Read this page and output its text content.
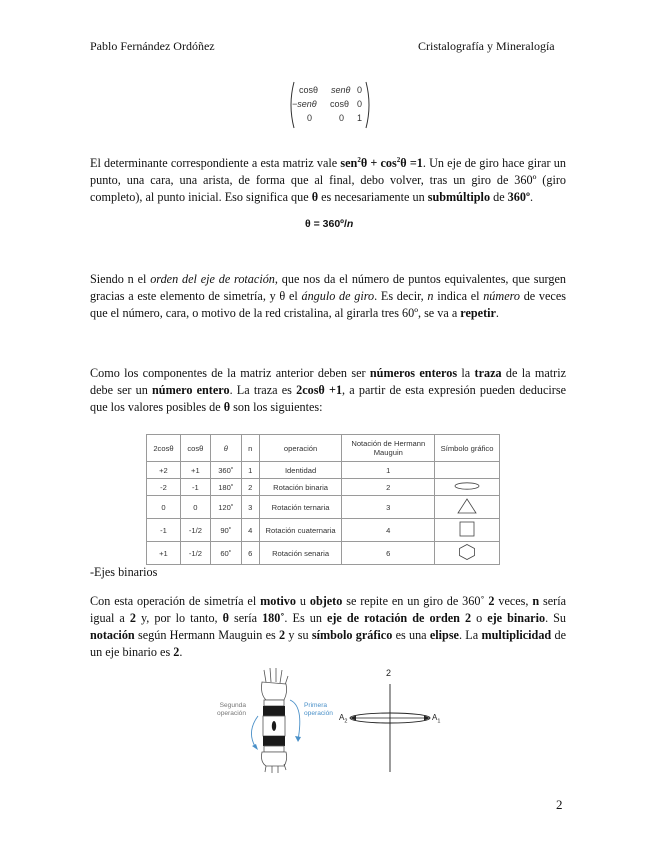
Pablo Fernández Ordóñez	Cristalografía y Mineralogía
cosθ senθ 0
−senθ cosθ 0
0	0 1

El determinante correspondiente a esta matriz vale $sen^2\theta + \cos^2\theta =1$. Un eje de giro hace girar un punto, una cara, una arista, de forma que al final, debo volver, tras un giro de 360º (giro completo), al punto inicial. Eso significa que θ es necesariamente un submúltiplo de 360º.

θ = 360º/n

Siendo n el orden del eje de rotación, que nos da el número de puntos equivalentes, que surgen gracias a este elemento de simetría, y θ el ángulo de giro. Es decir, n indica el número de veces que el número, cara, o motivo de la red cristalina, al girarla tres 60º, se va a repetir.

Como los componentes de la matriz anterior deben ser números enteros la traza de la matriz debe ser un número entero. La traza es 2cosθ +1, a partir de esta expresión pueden deducirse que los valores posibles de θ son los siguientes:

2cosθ	cosθ	θ	n	operación	Notación de Hermann Mauguin	Símbolo gráfico
+2	+1	360˚	1	Identidad	1	
-2	-1	180˚	2	Rotación binaria	2	
0	0	120˚	3	Rotación ternaria	3	
-1	-1/2	90˚	4	Rotación cuaternaria	4	
+1	-1/2	60˚	6	Rotación senaria	6	
-Ejes binarios

Con esta operación de simetría el motivo u objeto se repite en un giro de 360˚ 2 veces, n sería igual a 2 y, por lo tanto, θ sería 180˚. Es un eje de rotación de orden 2 o eje binario. Su notación según Hermann Mauguin es 2 y su símbolo gráfico es una elipse. La multiplicidad de un eje binario es 2.

Segunda
operación
Primera
operación
2
$A_2$	$A_1$
2
